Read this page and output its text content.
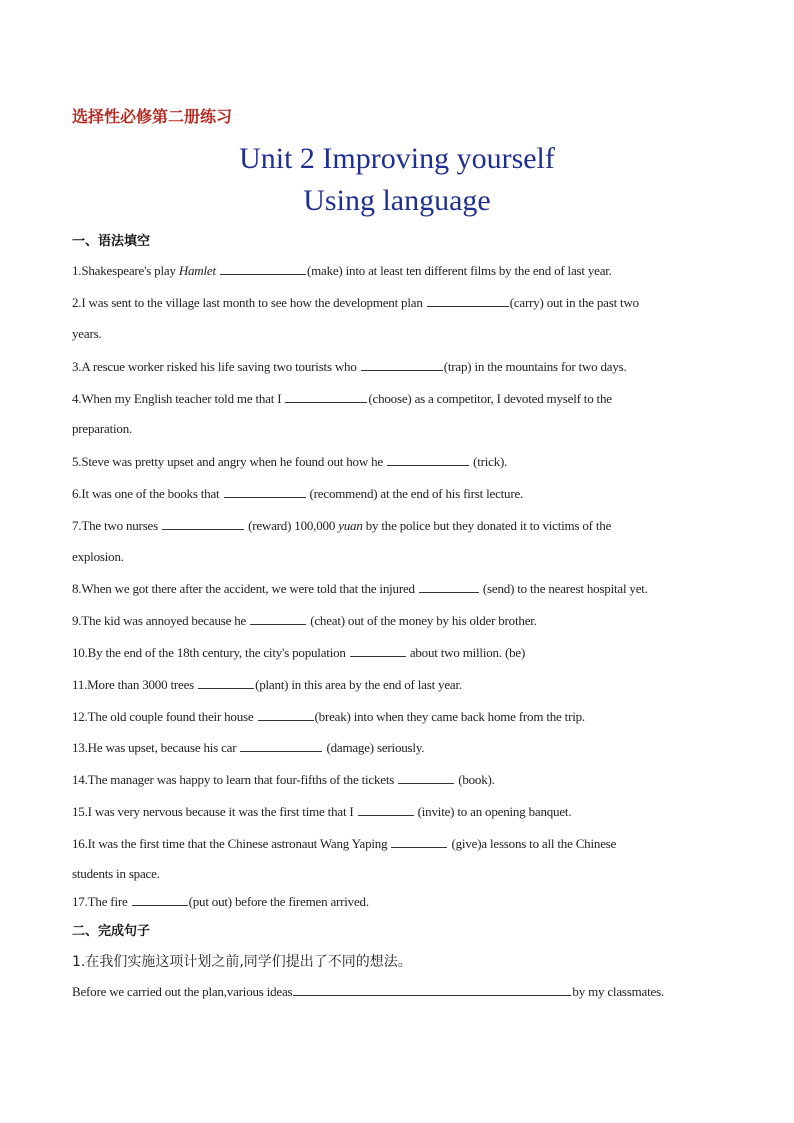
选择性必修第二册练习
Unit 2 Improving yourself
Using language
一、语法填空
1.Shakespeare's play Hamlet	(make) into at least ten different films by the end of last year.
2.I was sent to the village last month to see how the development plan	(carry) out in the past two
years.
3.A rescue worker risked his life saving two tourists who	(trap) in the mountains for two days.
4.When my English teacher told me that I	(choose) as a competitor, I devoted myself to the
preparation.
5.Steve was pretty upset and angry when he found out how he	(trick).
6.It was one of the books that	(recommend) at the end of his first lecture.
7.The two nurses	(reward) 100,000 yuan by the police but they donated it to victims of the
explosion.
8.When we got there after the accident, we were told that the injured	(send) to the nearest hospital yet.
9.The kid was annoyed because he	(cheat) out of the money by his older brother.
10.By the end of the 18th century, the city's population	about two million. (be)
11.More than 3000 trees	(plant) in this area by the end of last year.
12.The old couple found their house	(break) into when they came back home from the trip.
13.He was upset, because his car	(damage) seriously.
14.The manager was happy to learn that four-fifths of the tickets	(book).
15.I was very nervous because it was the first time that I	(invite) to an opening banquet.
16.It was the first time that the Chinese astronaut Wang Yaping	(give)a lessons to all the Chinese
students in space.
17.The fire	(put out) before the firemen arrived.
二、完成句子
1.在我们实施这项计划之前,同学们提出了不同的想法。
Before we carried out the plan,various ideas	by my classmates.
